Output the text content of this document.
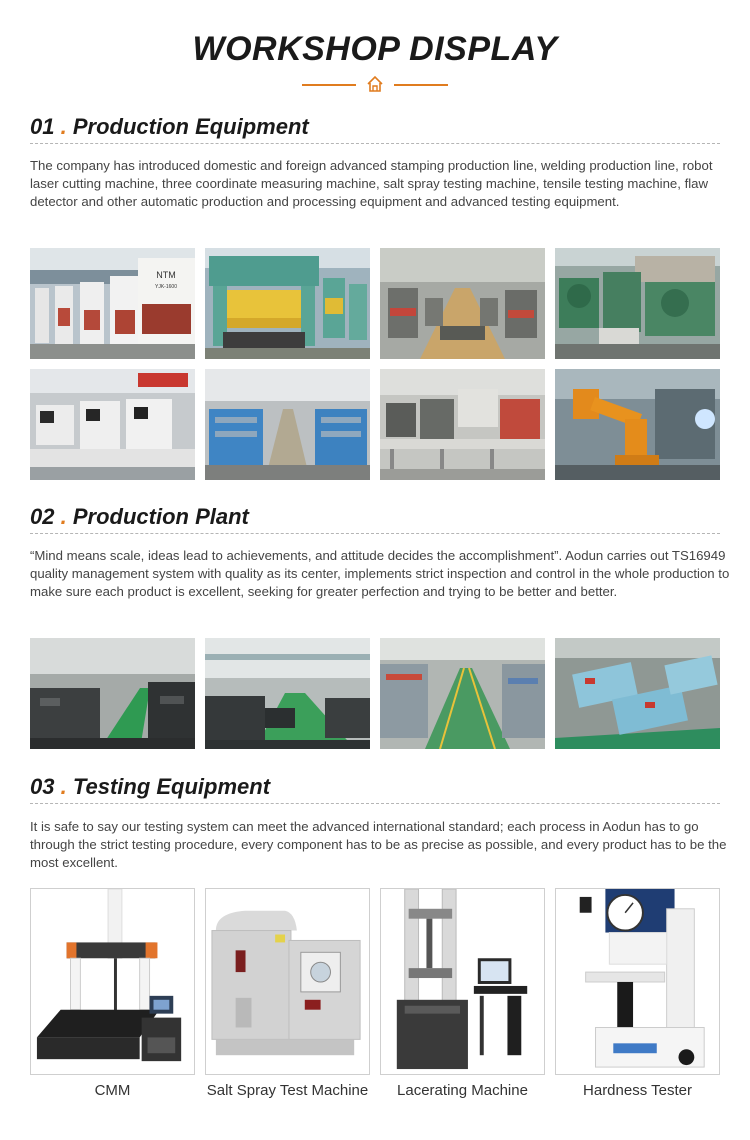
WORKSHOP DISPLAY
01 . Production Equipment
The company has introduced domestic and foreign advanced stamping production line, welding production line, robot laser cutting machine, three coordinate measuring machine, salt spray testing machine, tensile testing machine, flaw detector and other automatic production and processing equipment and advanced testing equipment.
NTM
YJK-1600
02 . Production Plant
“Mind means scale, ideas lead to achievements, and attitude decides the accomplishment”. Aodun carries out TS16949 quality management system with quality as its center, implements strict inspection and control in the whole production to make sure each product is excellent, seeking for greater perfection and trying to be better and better.
03 . Testing Equipment
It is safe to say our testing system can meet the advanced international standard; each process in Aodun has to go through the strict testing procedure, every component has to be as precise as possible, and every product has to be the most excellent.
CMM	Salt Spray Test Machine	Lacerating Machine	Hardness Tester
